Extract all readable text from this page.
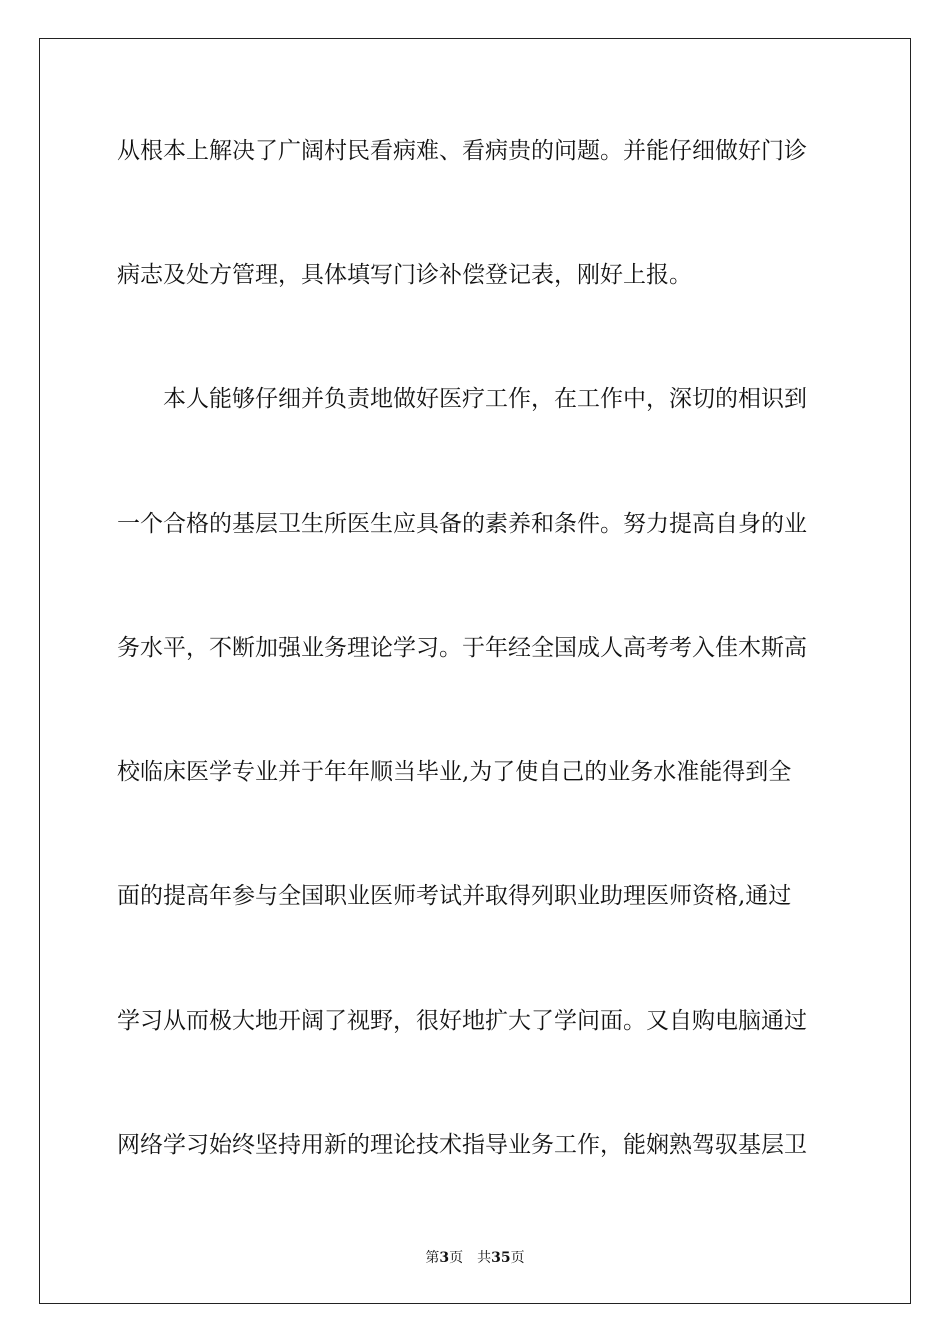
从根本上解决了广阔村民看病难、看病贵的问题。并能仔细做好门诊
病志及处方管理，具体填写门诊补偿登记表，刚好上报。
本人能够仔细并负责地做好医疗工作，在工作中，深切的相识到
一个合格的基层卫生所医生应具备的素养和条件。努力提高自身的业
务水平，不断加强业务理论学习。于年经全国成人高考考入佳木斯高
校临床医学专业并于年年顺当毕业,为了使自己的业务水准能得到全
面的提高年参与全国职业医师考试并取得列职业助理医师资格,通过
学习从而极大地开阔了视野，很好地扩大了学问面。又自购电脑通过
网络学习始终坚持用新的理论技术指导业务工作，能娴熟驾驭基层卫
第3页 共35页
